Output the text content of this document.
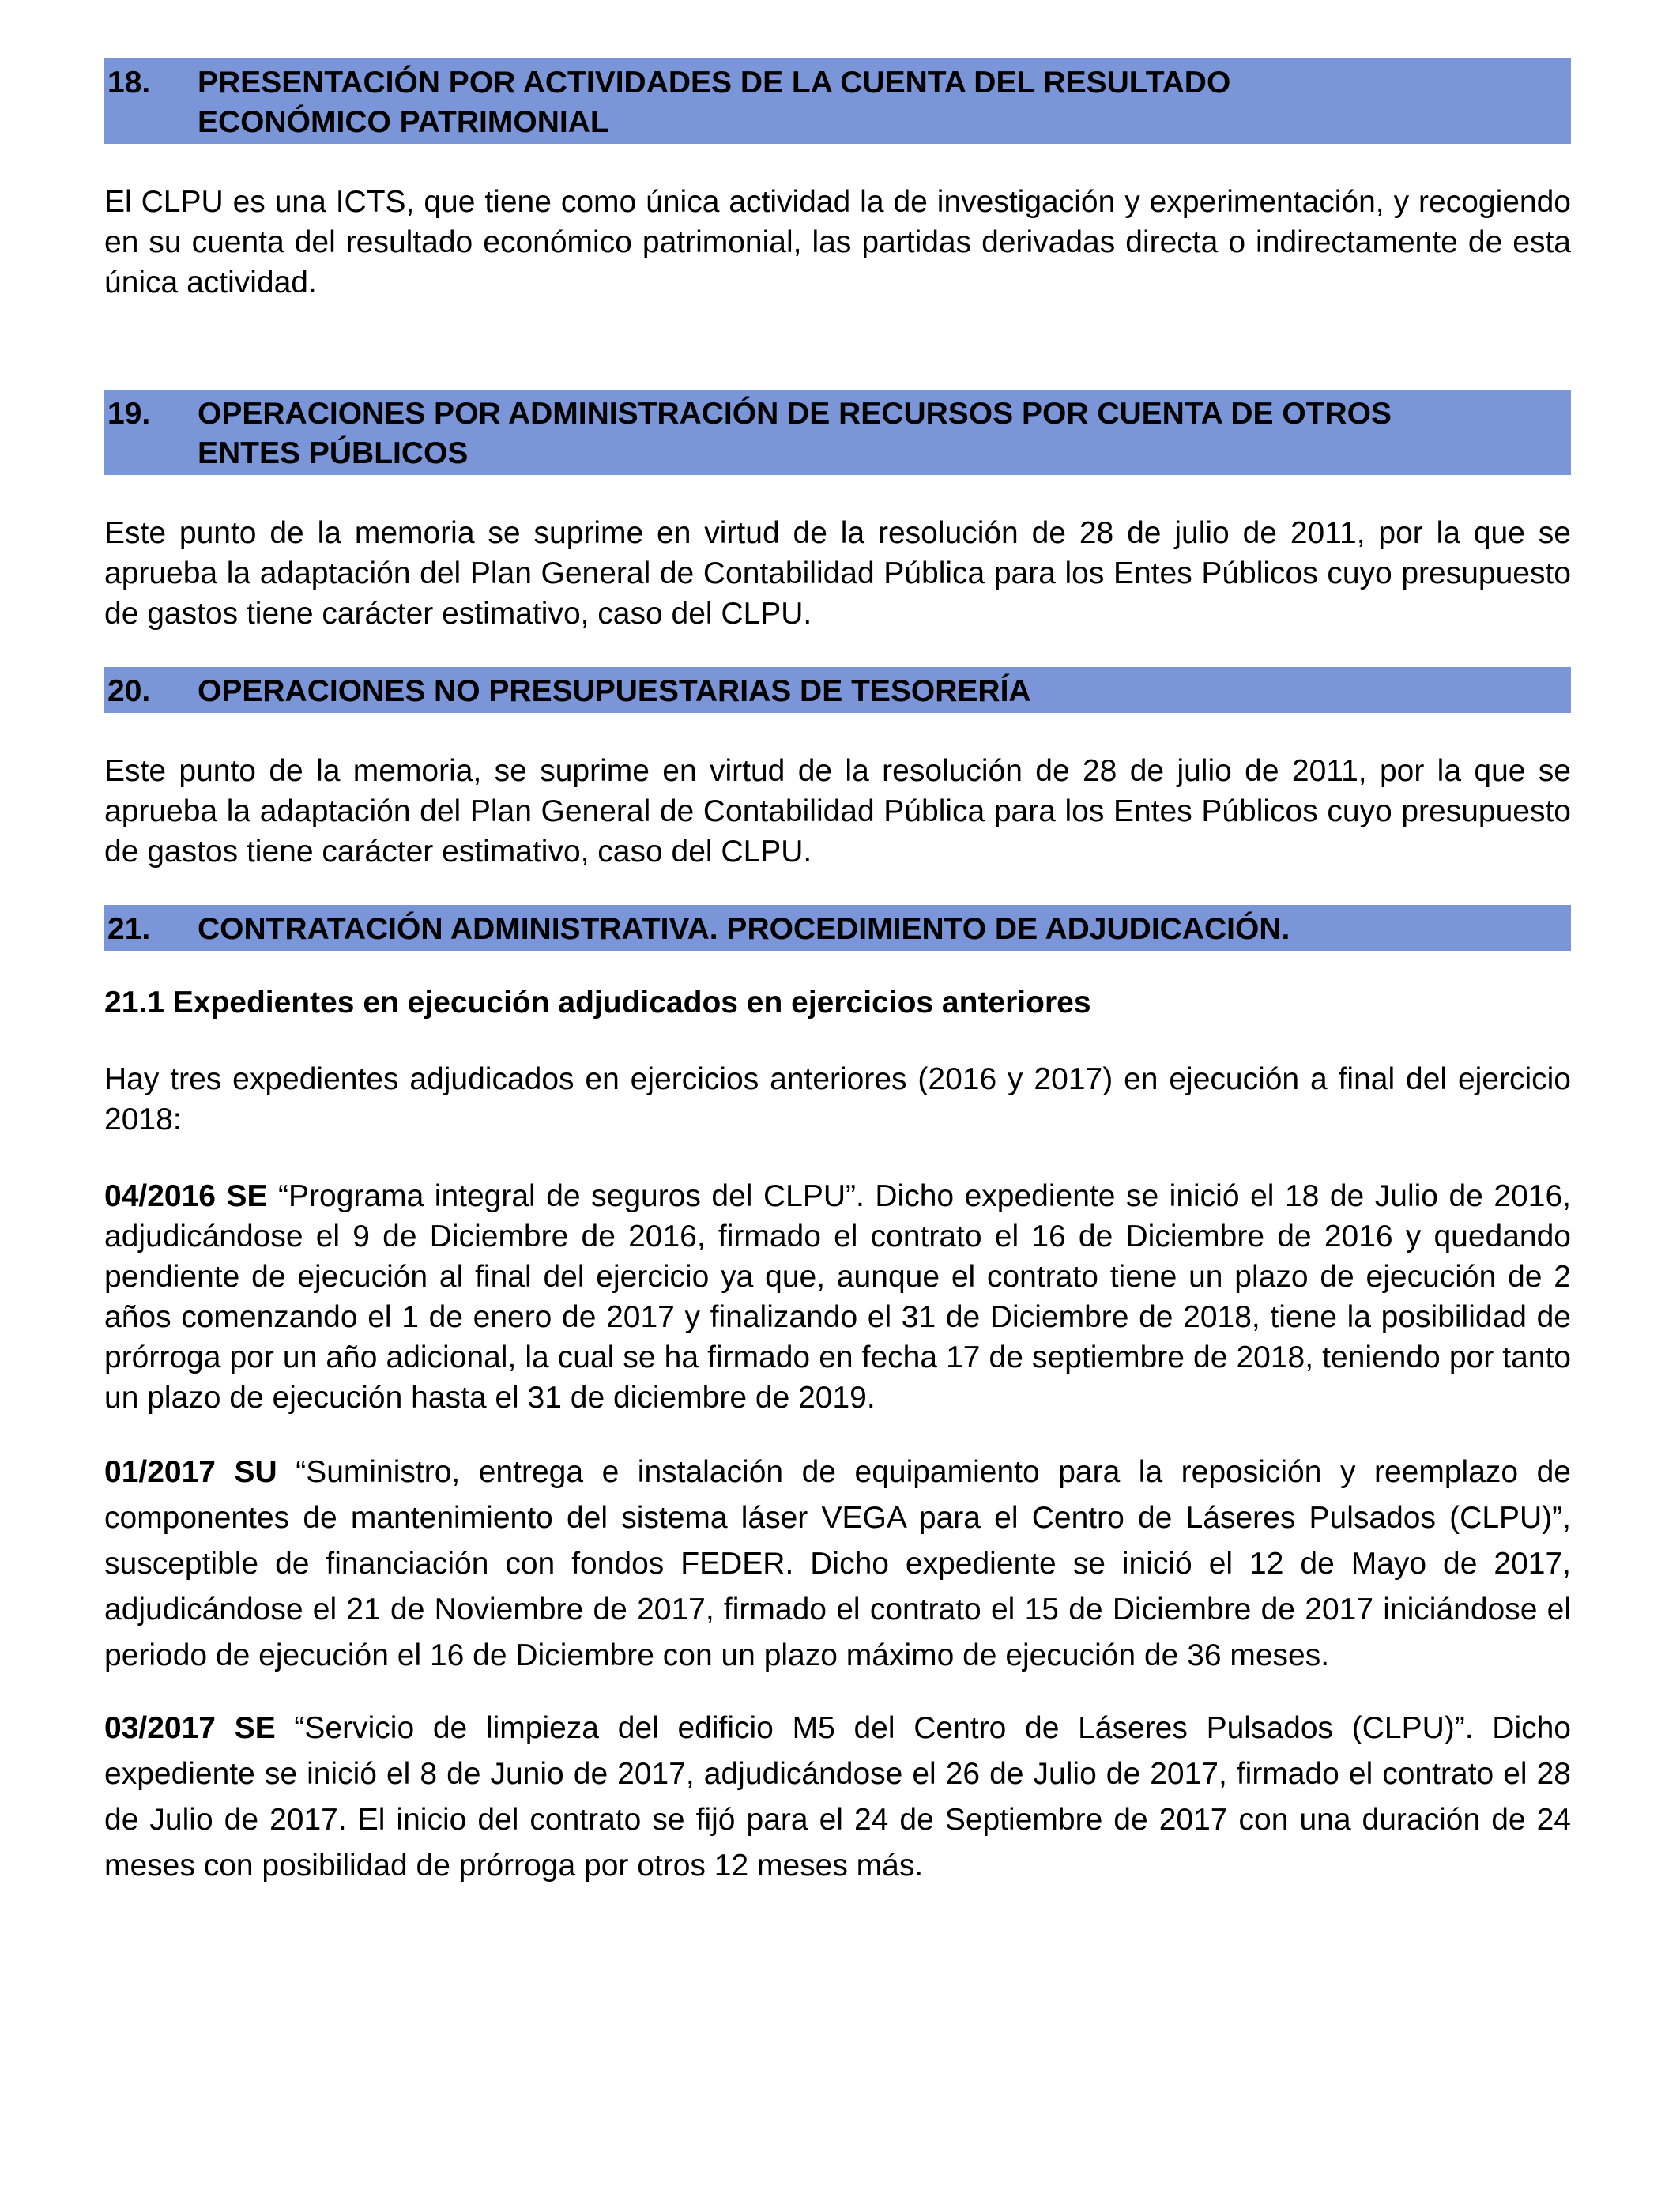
18.	PRESENTACIÓN POR ACTIVIDADES DE LA CUENTA DEL RESULTADO
ECONÓMICO PATRIMONIAL

El CLPU es una ICTS, que tiene como única actividad la de investigación y experimentación, y recogiendo en su cuenta del resultado económico patrimonial, las partidas derivadas directa o indirectamente de esta única actividad.

19.	OPERACIONES POR ADMINISTRACIÓN DE RECURSOS POR CUENTA DE OTROS
ENTES PÚBLICOS

Este punto de la memoria se suprime en virtud de la resolución de 28 de julio de 2011, por la que se aprueba la adaptación del Plan General de Contabilidad Pública para los Entes Públicos cuyo presupuesto de gastos tiene carácter estimativo, caso del CLPU.

20.	OPERACIONES NO PRESUPUESTARIAS DE TESORERÍA

Este punto de la memoria, se suprime en virtud de la resolución de 28 de julio de 2011, por la que se aprueba la adaptación del Plan General de Contabilidad Pública para los Entes Públicos cuyo presupuesto de gastos tiene carácter estimativo, caso del CLPU.

21.	CONTRATACIÓN ADMINISTRATIVA. PROCEDIMIENTO DE ADJUDICACIÓN.

21.1 Expedientes en ejecución adjudicados en ejercicios anteriores

Hay tres expedientes adjudicados en ejercicios anteriores (2016 y 2017) en ejecución a final del ejercicio 2018:

04/2016 SE “Programa integral de seguros del CLPU”. Dicho expediente se inició el 18 de Julio de 2016, adjudicándose el 9 de Diciembre de 2016, firmado el contrato el 16 de Diciembre de 2016 y quedando pendiente de ejecución al final del ejercicio ya que, aunque el contrato tiene un plazo de ejecución de 2 años comenzando el 1 de enero de 2017 y finalizando el 31 de Diciembre de 2018, tiene la posibilidad de prórroga por un año adicional, la cual se ha firmado en fecha 17 de septiembre de 2018, teniendo por tanto un plazo de ejecución hasta el 31 de diciembre de 2019.

01/2017 SU “Suministro, entrega e instalación de equipamiento para la reposición y reemplazo de componentes de mantenimiento del sistema láser VEGA para el Centro de Láseres Pulsados (CLPU)”, susceptible de financiación con fondos FEDER. Dicho expediente se inició el 12 de Mayo de 2017, adjudicándose el 21 de Noviembre de 2017, firmado el contrato el 15 de Diciembre de 2017 iniciándose el periodo de ejecución el 16 de Diciembre con un plazo máximo de ejecución de 36 meses.

03/2017 SE “Servicio de limpieza del edificio M5 del Centro de Láseres Pulsados (CLPU)”. Dicho expediente se inició el 8 de Junio de 2017, adjudicándose el 26 de Julio de 2017, firmado el contrato el 28 de Julio de 2017. El inicio del contrato se fijó para el 24 de Septiembre de 2017 con una duración de 24 meses con posibilidad de prórroga por otros 12 meses más.
